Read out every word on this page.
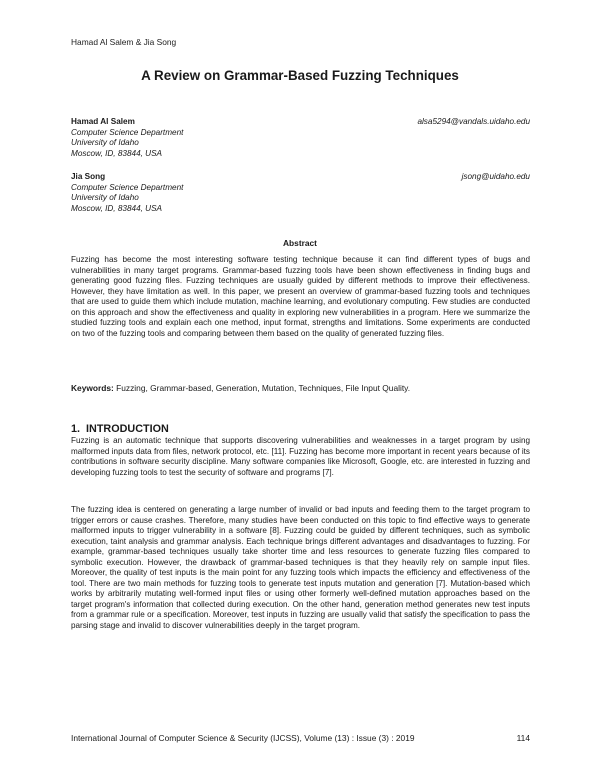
Hamad Al Salem & Jia Song
A Review on Grammar-Based Fuzzing Techniques
Hamad Al Salem	alsa5294@vandals.uidaho.edu
Computer Science Department
University of Idaho
Moscow, ID, 83844, USA
Jia Song	jsong@uidaho.edu
Computer Science Department
University of Idaho
Moscow, ID, 83844, USA
Abstract

Fuzzing has become the most interesting software testing technique because it can find different types of bugs and vulnerabilities in many target programs. Grammar-based fuzzing tools have been shown effectiveness in finding bugs and generating good fuzzing files. Fuzzing techniques are usually guided by different methods to improve their effectiveness. However, they have limitation as well. In this paper, we present an overview of grammar-based fuzzing tools and techniques that are used to guide them which include mutation, machine learning, and evolutionary computing. Few studies are conducted on this approach and show the effectiveness and quality in exploring new vulnerabilities in a program. Here we summarize the studied fuzzing tools and explain each one method, input format, strengths and limitations. Some experiments are conducted on two of the fuzzing tools and comparing between them based on the quality of generated fuzzing files.

Keywords: Fuzzing, Grammar-based, Generation, Mutation, Techniques, File Input Quality.
1. INTRODUCTION

Fuzzing is an automatic technique that supports discovering vulnerabilities and weaknesses in a target program by using malformed inputs data from files, network protocol, etc. [11]. Fuzzing has become more important in recent years because of its contributions in software security discipline. Many software companies like Microsoft, Google, etc. are interested in fuzzing and developing fuzzing tools to test the security of software and programs [7].

The fuzzing idea is centered on generating a large number of invalid or bad inputs and feeding them to the target program to trigger errors or cause crashes. Therefore, many studies have been conducted on this topic to find effective ways to generate malformed inputs to trigger vulnerability in a software [8]. Fuzzing could be guided by different techniques, such as symbolic execution, taint analysis and grammar analysis. Each technique brings different advantages and disadvantages to fuzzing. For example, grammar-based techniques usually take shorter time and less resources to generate fuzzing files compared to symbolic execution. However, the drawback of grammar-based techniques is that they heavily rely on sample input files. Moreover, the quality of test inputs is the main point for any fuzzing tools which impacts the efficiency and effectiveness of the tool. There are two main methods for fuzzing tools to generate test inputs mutation and generation [7]. Mutation-based which works by arbitrarily mutating well-formed input files or using other formerly well-defined mutation approaches based on the target program's information that collected during execution. On the other hand, generation method generates new test inputs from a grammar rule or a specification. Moreover, test inputs in fuzzing are usually valid that satisfy the specification to pass the parsing stage and invalid to discover vulnerabilities deeply in the target program.

International Journal of Computer Science & Security (IJCSS), Volume (13) : Issue (3) : 2019	114
